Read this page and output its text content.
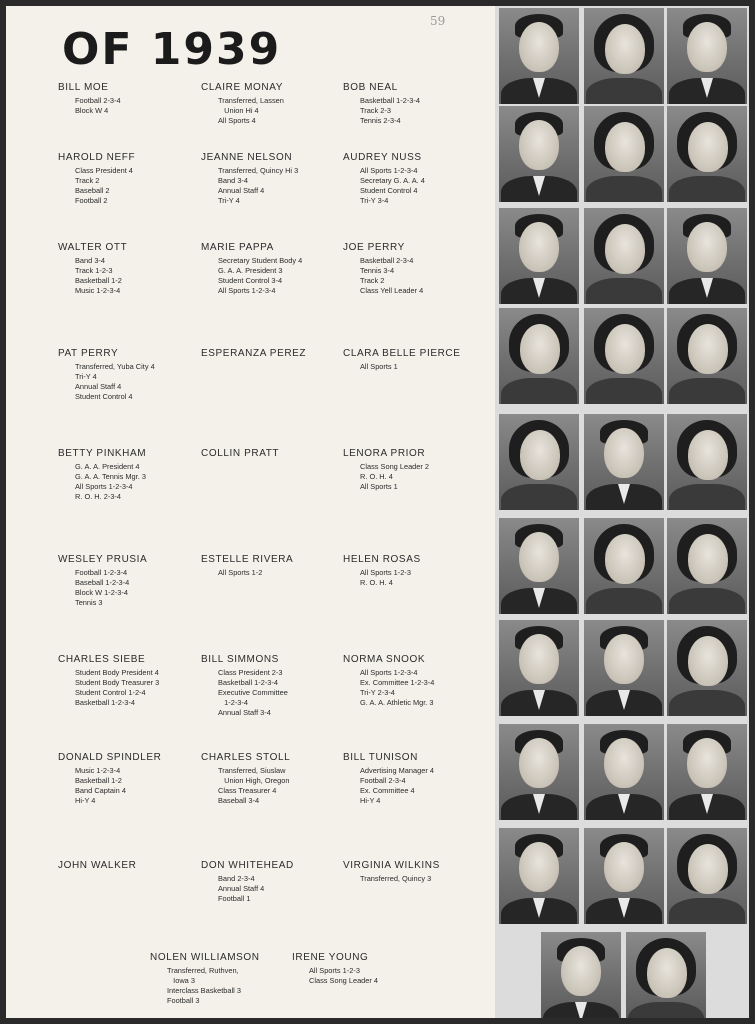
OF 1939
59
BILL MOE
Football 2-3-4
Block W 4
CLAIRE MONAY
Transferred, Lassen
Union Hi 4
All Sports 4
BOB NEAL
Basketball 1-2-3-4
Track 2-3
Tennis 2-3-4
HAROLD NEFF
Class President 4
Track 2
Baseball 2
Football 2
JEANNE NELSON
Transferred, Quincy Hi 3
Band 3-4
Annual Staff 4
Tri-Y 4
AUDREY NUSS
All Sports 1-2-3-4
Secretary G. A. A. 4
Student Control 4
Tri-Y 3-4
WALTER OTT
Band 3-4
Track 1-2-3
Basketball 1-2
Music 1-2-3-4
MARIE PAPPA
Secretary Student Body 4
G. A. A. President 3
Student Control 3-4
All Sports 1-2-3-4
JOE PERRY
Basketball 2-3-4
Tennis 3-4
Track 2
Class Yell Leader 4
PAT PERRY
Transferred, Yuba City 4
Tri-Y 4
Annual Staff 4
Student Control 4
ESPERANZA PEREZ	CLARA BELLE PIERCE
All Sports 1
BETTY PINKHAM
G. A. A. President 4
G. A. A. Tennis Mgr. 3
All Sports 1-2-3-4
R. O. H. 2-3-4
COLLIN PRATT	LENORA PRIOR
Class Song Leader 2
R. O. H. 4
All Sports 1
WESLEY PRUSIA
Football 1-2-3-4
Baseball 1-2-3-4
Block W 1-2-3-4
Tennis 3
ESTELLE RIVERA
All Sports 1-2
HELEN ROSAS
All Sports 1-2-3
R. O. H. 4
CHARLES SIEBE
Student Body President 4
Student Body Treasurer 3
Student Control 1-2-4
Basketball 1-2-3-4
BILL SIMMONS
Class President 2-3
Basketball 1-2-3-4
Executive Committee
1-2-3-4
Annual Staff 3-4
NORMA SNOOK
All Sports 1-2-3-4
Ex. Committee 1-2-3-4
Tri-Y 2-3-4
G. A. A. Athletic Mgr. 3
DONALD SPINDLER
Music 1-2-3-4
Basketball 1-2
Band Captain 4
Hi-Y 4
CHARLES STOLL
Transferred, Siuslaw
Union High, Oregon
Class Treasurer 4
Baseball 3-4
BILL TUNISON
Advertising Manager 4
Football 2-3-4
Ex. Committee 4
Hi-Y 4
JOHN WALKER	DON WHITEHEAD
Band 2-3-4
Annual Staff 4
Football 1
VIRGINIA WILKINS
Transferred, Quincy 3
NOLEN WILLIAMSON
Transferred, Ruthven,
Iowa 3
Interclass Basketball 3
Football 3
IRENE YOUNG
All Sports 1-2-3
Class Song Leader 4
